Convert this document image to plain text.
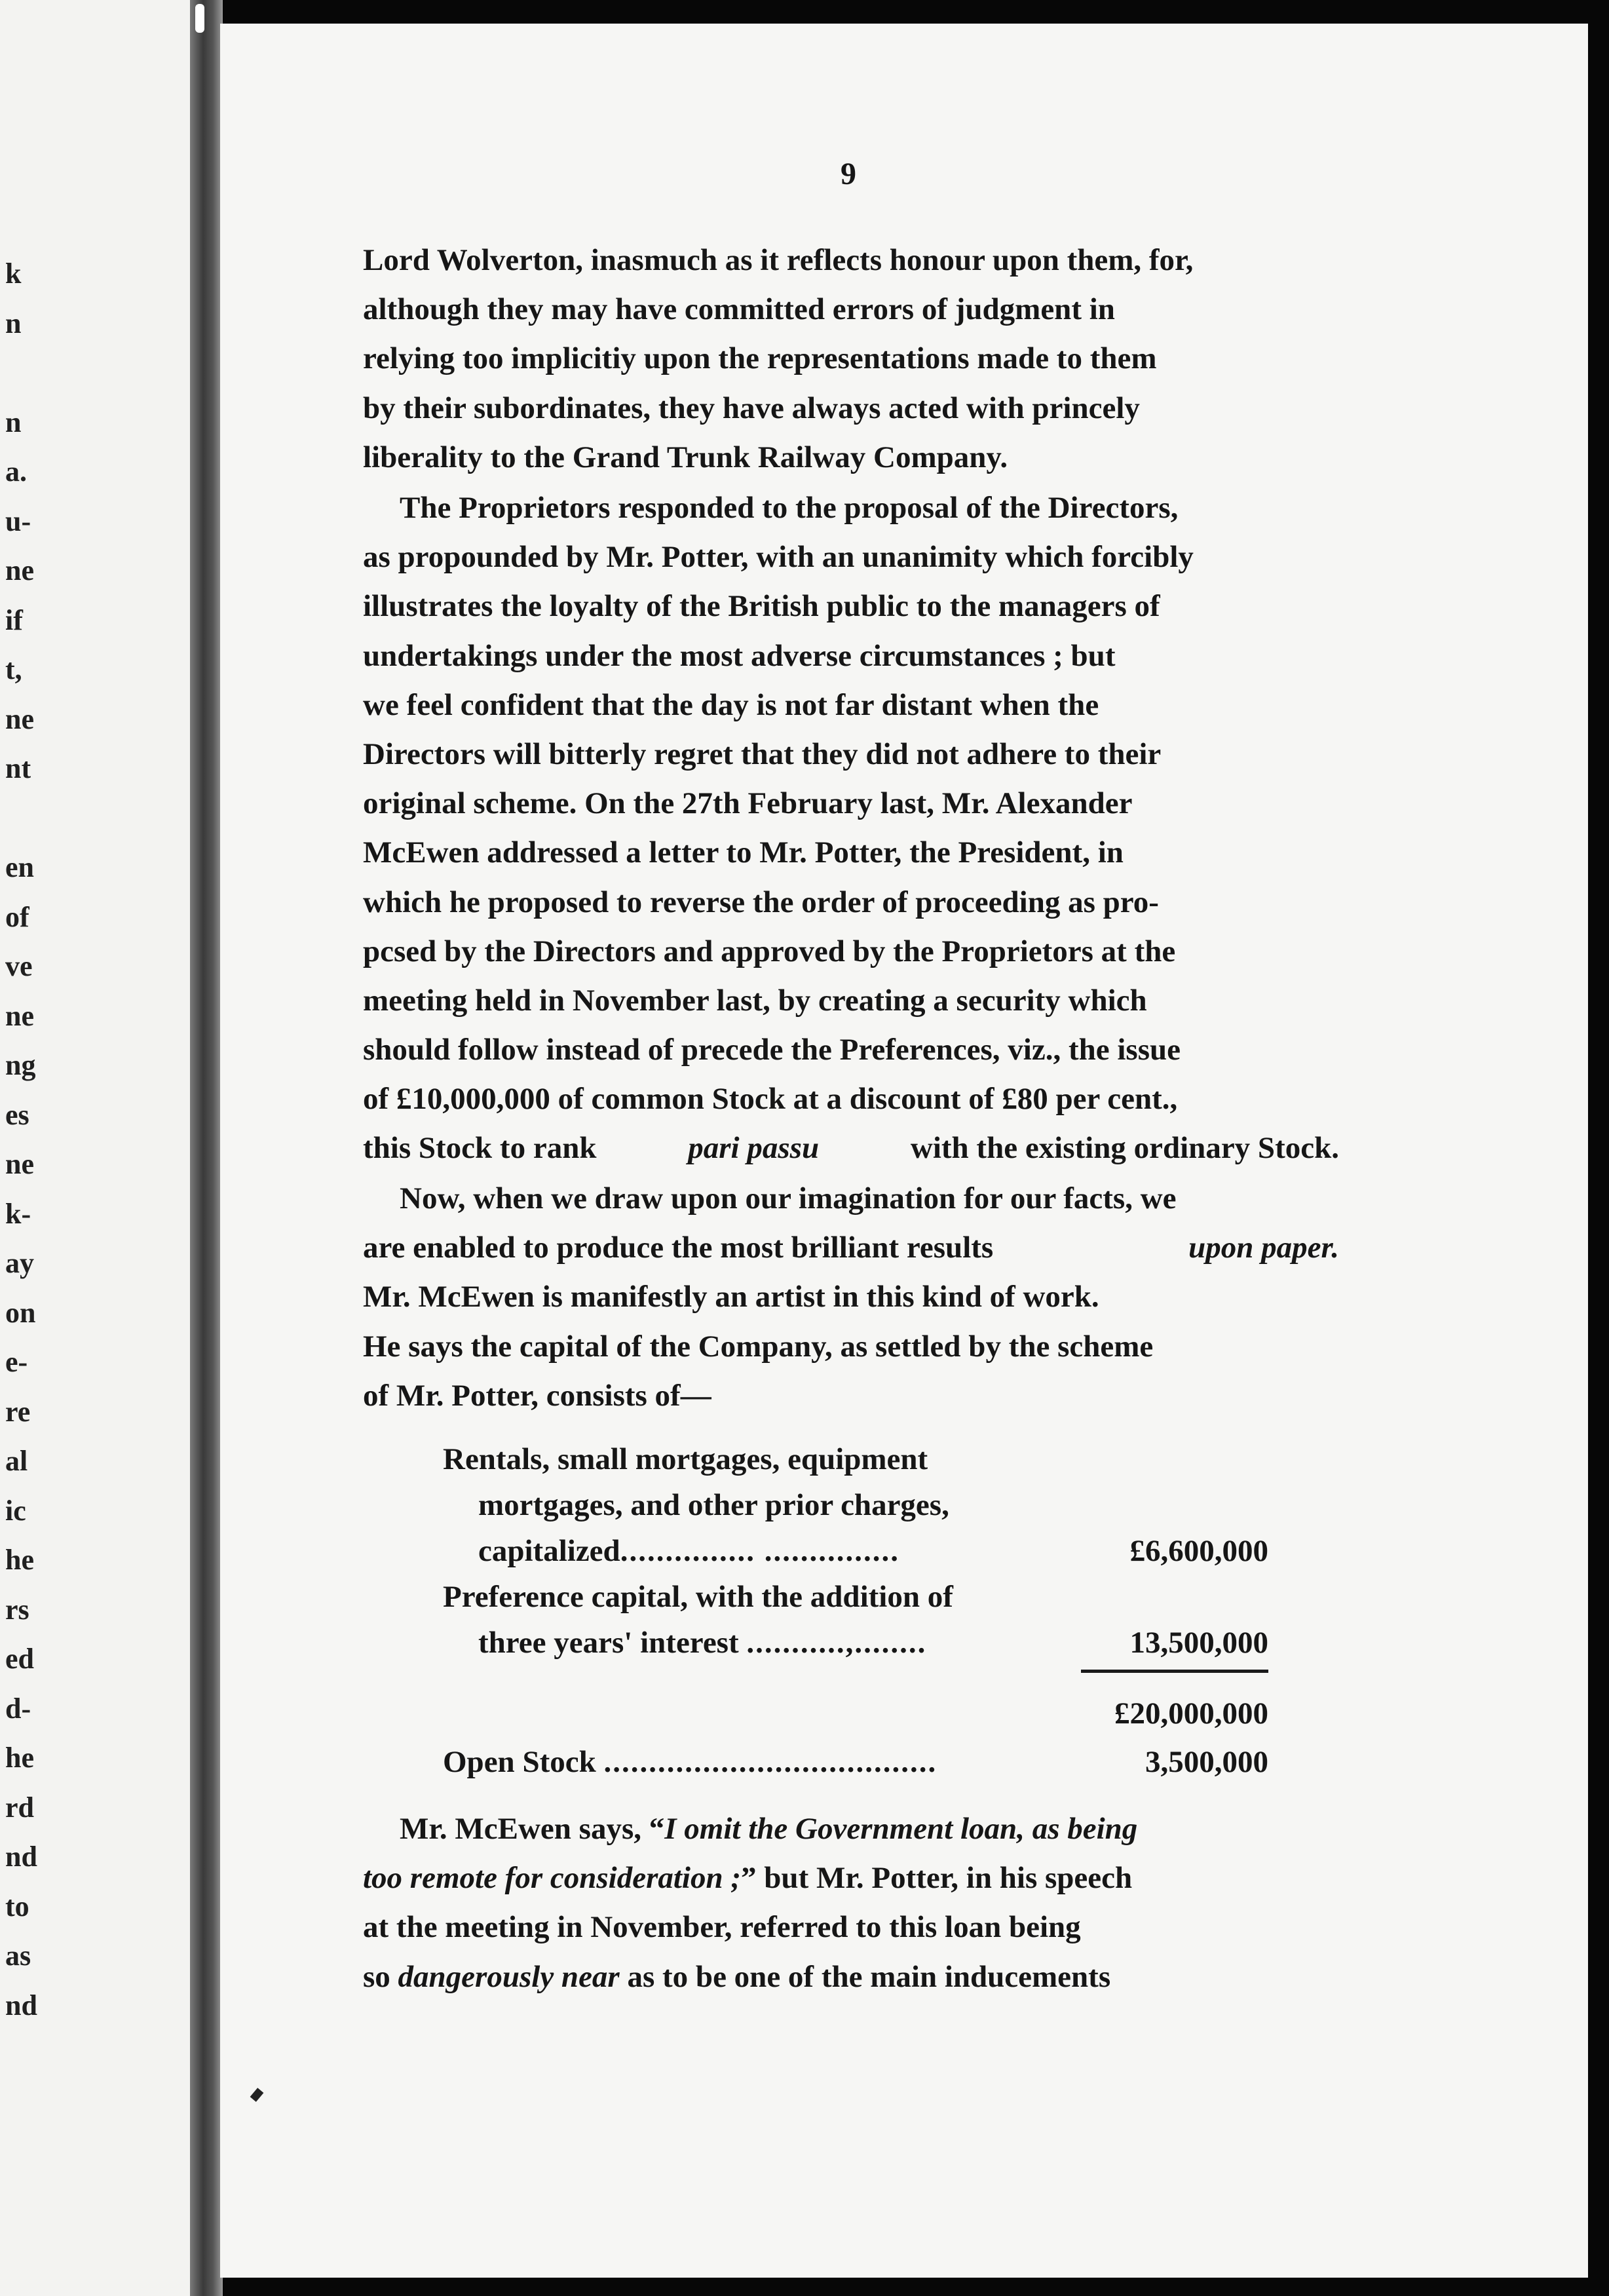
k
n
n
a.
u-
ne
if
t,
ne
nt
en
of
ve
ne
ng
es
ne
k-
ay
on
e-
re
al
ic
he
rs
ed
d-
he
rd
nd
to
as
nd
9
Lord Wolverton, inasmuch as it reflects honour upon them, for,
although they may have committed errors of judgment in
relying too implicitiy upon the representations made to them
by their subordinates, they have always acted with princely
liberality to the Grand Trunk Railway Company.
The Proprietors responded to the proposal of the Directors,
as propounded by Mr. Potter, with an unanimity which forcibly
illustrates the loyalty of the British public to the managers of
undertakings under the most adverse circumstances ; but
we feel confident that the day is not far distant when the
Directors will bitterly regret that they did not adhere to their
original scheme. On the 27th February last, Mr. Alexander
McEwen addressed a letter to Mr. Potter, the President, in
which he proposed to reverse the order of proceeding as pro-
pcsed by the Directors and approved by the Proprietors at the
meeting held in November last, by creating a security which
should follow instead of precede the Preferences, viz., the issue
of £10,000,000 of common Stock at a discount of £80 per cent.,
this Stock to rank	pari passu	with the existing ordinary Stock.
Now, when we draw upon our imagination for our facts, we
are enabled to produce the most brilliant results	upon paper.
Mr. McEwen is manifestly an artist in this kind of work.
He says the capital of the Company, as settled by the scheme
of Mr. Potter, consists of—
Rentals, small mortgages, equipment
mortgages, and other prior charges,
capitalized............... ...............	£6,600,000
Preference capital, with the addition of
three years' interest ...........,........	13,500,000
£20,000,000
Open Stock .....................................	3,500,000
Mr. McEwen says, “I omit the Government loan, as being
too remote for consideration ;” but Mr. Potter, in his speech
at the meeting in November, referred to this loan being
so dangerously near as to be one of the main inducements
